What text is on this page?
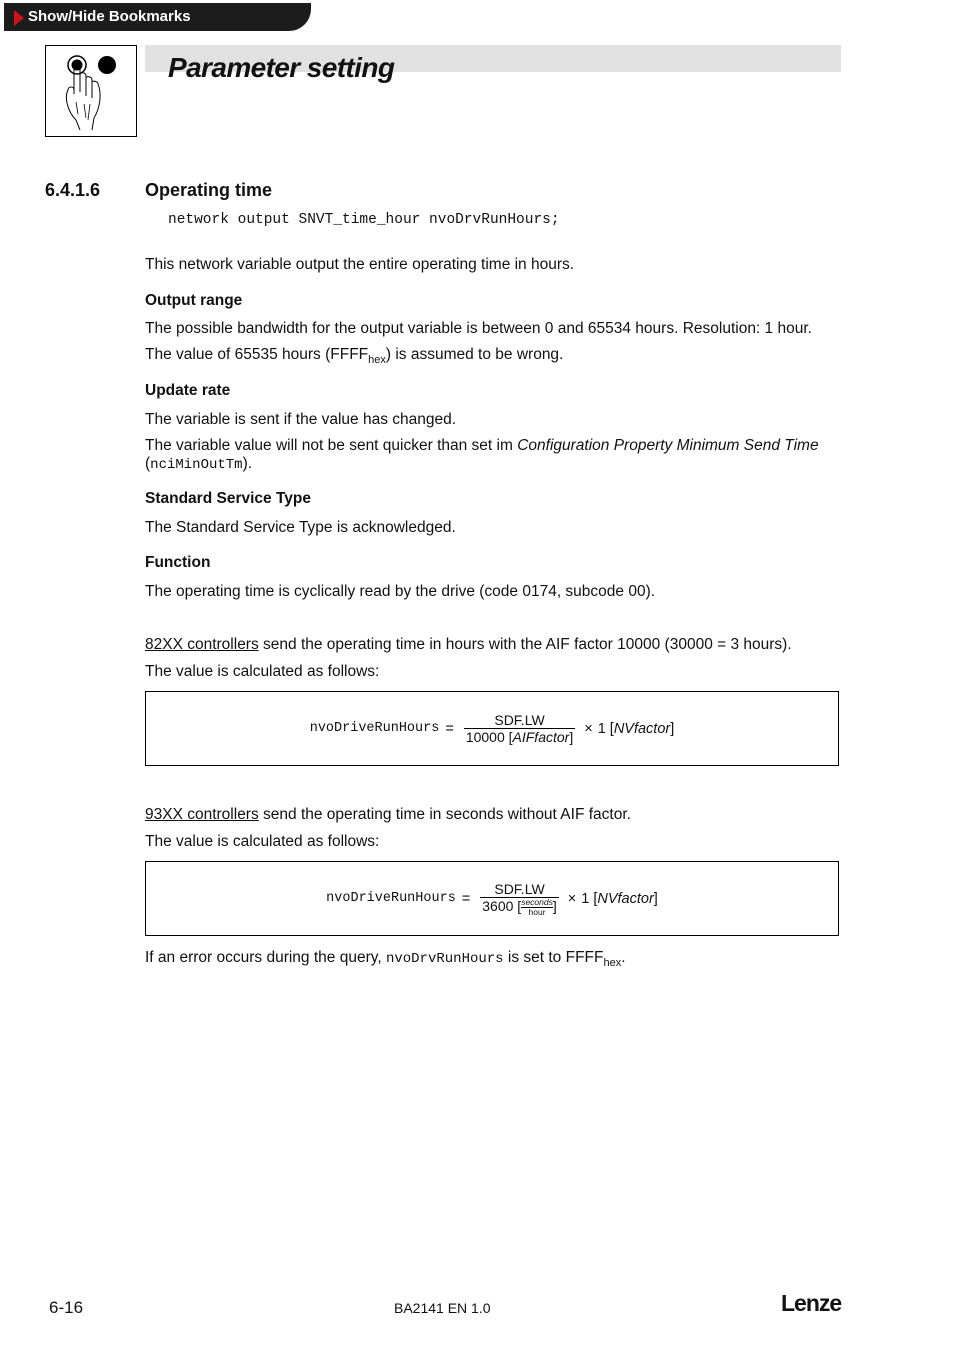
Show/Hide Bookmarks
Parameter setting
6.4.1.6 Operating time
network output SNVT_time_hour nvoDrvRunHours;
This network variable output the entire operating time in hours.
Output range
The possible bandwidth for the output variable is between 0 and 65534 hours. Resolution: 1 hour.
The value of 65535 hours $(FFFF_{hex})$ is assumed to be wrong.
Update rate
The variable is sent if the value has changed.
The variable value will not be sent quicker than set im Configuration Property Minimum Send Time
(nciMinOutTm).
Standard Service Type
The Standard Service Type is acknowledged.
Function
The operating time is cyclically read by the drive (code 0174, subcode 00).
82XX controllers send the operating time in hours with the AIF factor 10000 (30000 = 3 hours).
The value is calculated as follows:
nvoDriveRunHours = $\frac{\text{SDF.LW}}{\text{10000 [AIFfactor]}} \times 1$ [ NVfactor ]
93XX controllers send the operating time in seconds without AIF factor.
The value is calculated as follows:
nvoDriveRunHours = $\frac{\text{SDF.LW}}{3600 [ \frac{\text{seconds}}{\text{hour}} ]} \times 1$ [ NVfactor ]
If an error occurs during the query, nvoDrvRunHours is set to $FFFF_{hex}$.
6-16	BA2141 EN 1.0	Lenze
